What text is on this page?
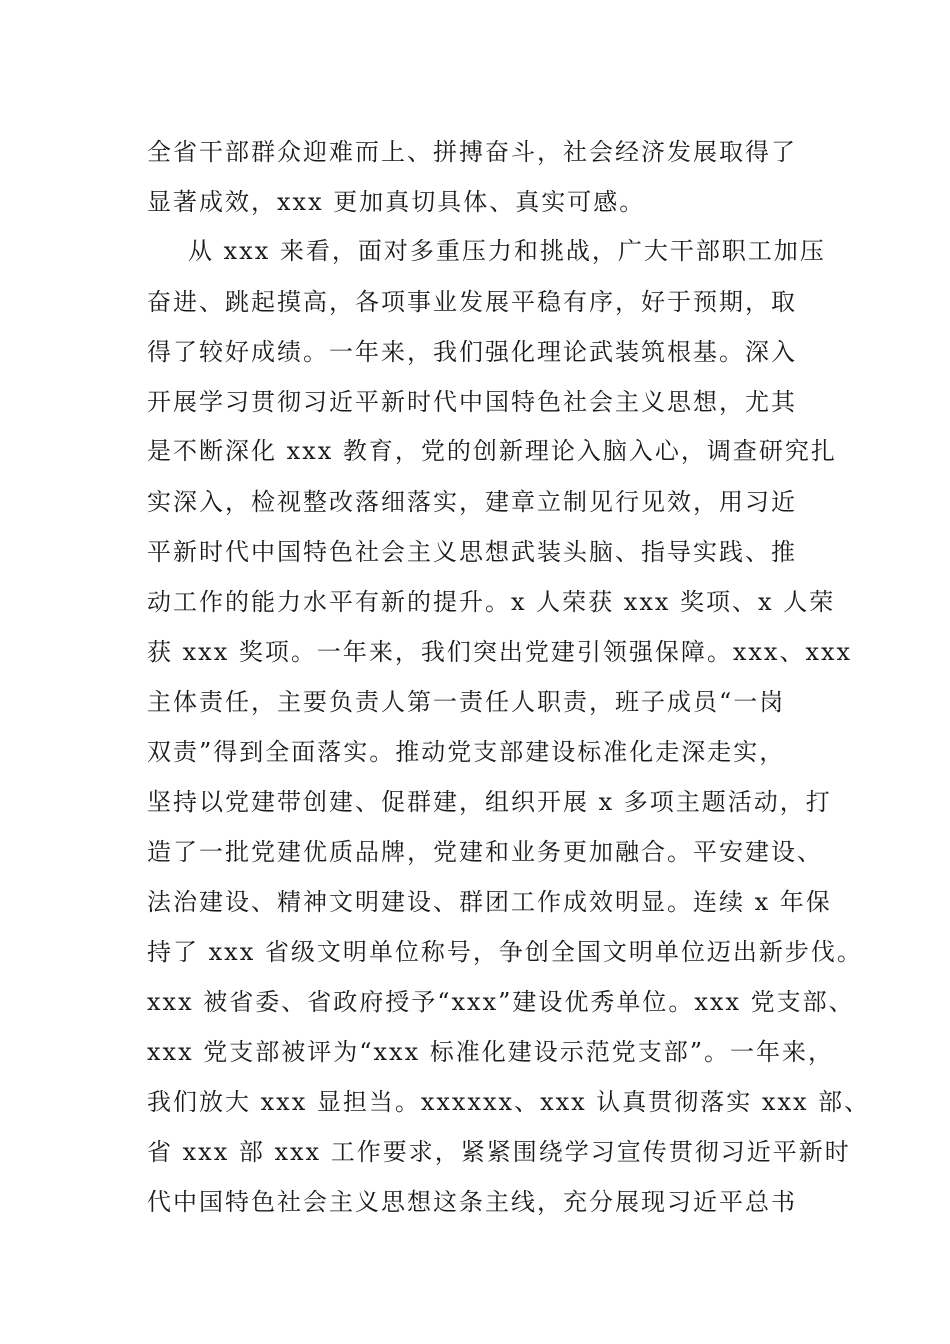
全省干部群众迎难而上、拼搏奋斗，社会经济发展取得了
显著成效，xxx 更加真切具体、真实可感。
从 xxx 来看，面对多重压力和挑战，广大干部职工加压
奋进、跳起摸高，各项事业发展平稳有序，好于预期，取
得了较好成绩。一年来，我们强化理论武装筑根基。深入
开展学习贯彻习近平新时代中国特色社会主义思想，尤其
是不断深化 xxx 教育，党的创新理论入脑入心，调查研究扎
实深入，检视整改落细落实，建章立制见行见效，用习近
平新时代中国特色社会主义思想武装头脑、指导实践、推
动工作的能力水平有新的提升。x 人荣获 xxx 奖项、x 人荣
获 xxx 奖项。一年来，我们突出党建引领强保障。xxx、xxx
主体责任，主要负责人第一责任人职责，班子成员“一岗
双责”得到全面落实。推动党支部建设标准化走深走实，
坚持以党建带创建、促群建，组织开展 x 多项主题活动，打
造了一批党建优质品牌，党建和业务更加融合。平安建设、
法治建设、精神文明建设、群团工作成效明显。连续 x 年保
持了 xxx 省级文明单位称号，争创全国文明单位迈出新步伐。
xxx 被省委、省政府授予“xxx”建设优秀单位。xxx 党支部、
xxx 党支部被评为“xxx 标准化建设示范党支部”。一年来，
我们放大 xxx 显担当。xxxxxx、xxx 认真贯彻落实 xxx 部、
省 xxx 部 xxx 工作要求，紧紧围绕学习宣传贯彻习近平新时
代中国特色社会主义思想这条主线，充分展现习近平总书
